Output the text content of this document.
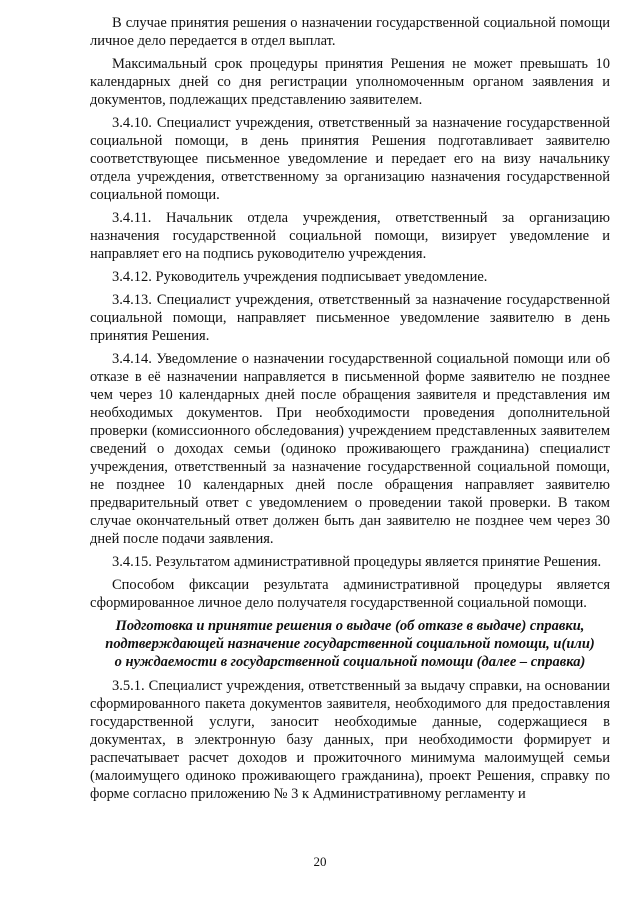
В случае принятия решения о назначении государственной социальной помощи личное дело передается в отдел выплат.

Максимальный срок процедуры принятия Решения не может превышать 10 календарных дней со дня регистрации уполномоченным органом заявления и документов, подлежащих представлению заявителем.

3.4.10. Специалист учреждения, ответственный за назначение государственной социальной помощи, в день принятия Решения подготавливает заявителю соответствующее письменное уведомление и передает его на визу начальнику отдела учреждения, ответственному за организацию назначения государственной социальной помощи.

3.4.11. Начальник отдела учреждения, ответственный за организацию назначения государственной социальной помощи, визирует уведомление и направляет его на подпись руководителю учреждения.

3.4.12. Руководитель учреждения подписывает уведомление.

3.4.13. Специалист учреждения, ответственный за назначение государственной социальной помощи, направляет письменное уведомление заявителю в день принятия Решения.

3.4.14. Уведомление о назначении государственной социальной помощи или об отказе в её назначении направляется в письменной форме заявителю не позднее чем через 10 календарных дней после обращения заявителя и представления им необходимых документов. При необходимости проведения дополнительной проверки (комиссионного обследования) учреждением представленных заявителем сведений о доходах семьи (одиноко проживающего гражданина) специалист учреждения, ответственный за назначение государственной социальной помощи, не позднее 10 календарных дней после обращения направляет заявителю предварительный ответ с уведомлением о проведении такой проверки. В таком случае окончательный ответ должен быть дан заявителю не позднее чем через 30 дней после подачи заявления.

3.4.15. Результатом административной процедуры является принятие Решения.

Способом фиксации результата административной процедуры является сформированное личное дело получателя государственной социальной помощи.

Подготовка и принятие решения о выдаче (об отказе в выдаче) справки,
подтверждающей назначение государственной социальной помощи, и(или)
о нуждаемости в государственной социальной помощи (далее – справка)

3.5.1. Специалист учреждения, ответственный за выдачу справки, на основании сформированного пакета документов заявителя, необходимого для предоставления государственной услуги, заносит необходимые данные, содержащиеся в документах, в электронную базу данных, при необходимости формирует и распечатывает расчет доходов и прожиточного минимума малоимущей семьи (малоимущего одиноко проживающего гражданина), проект Решения, справку по форме согласно приложению № 3 к Административному регламенту и

20
